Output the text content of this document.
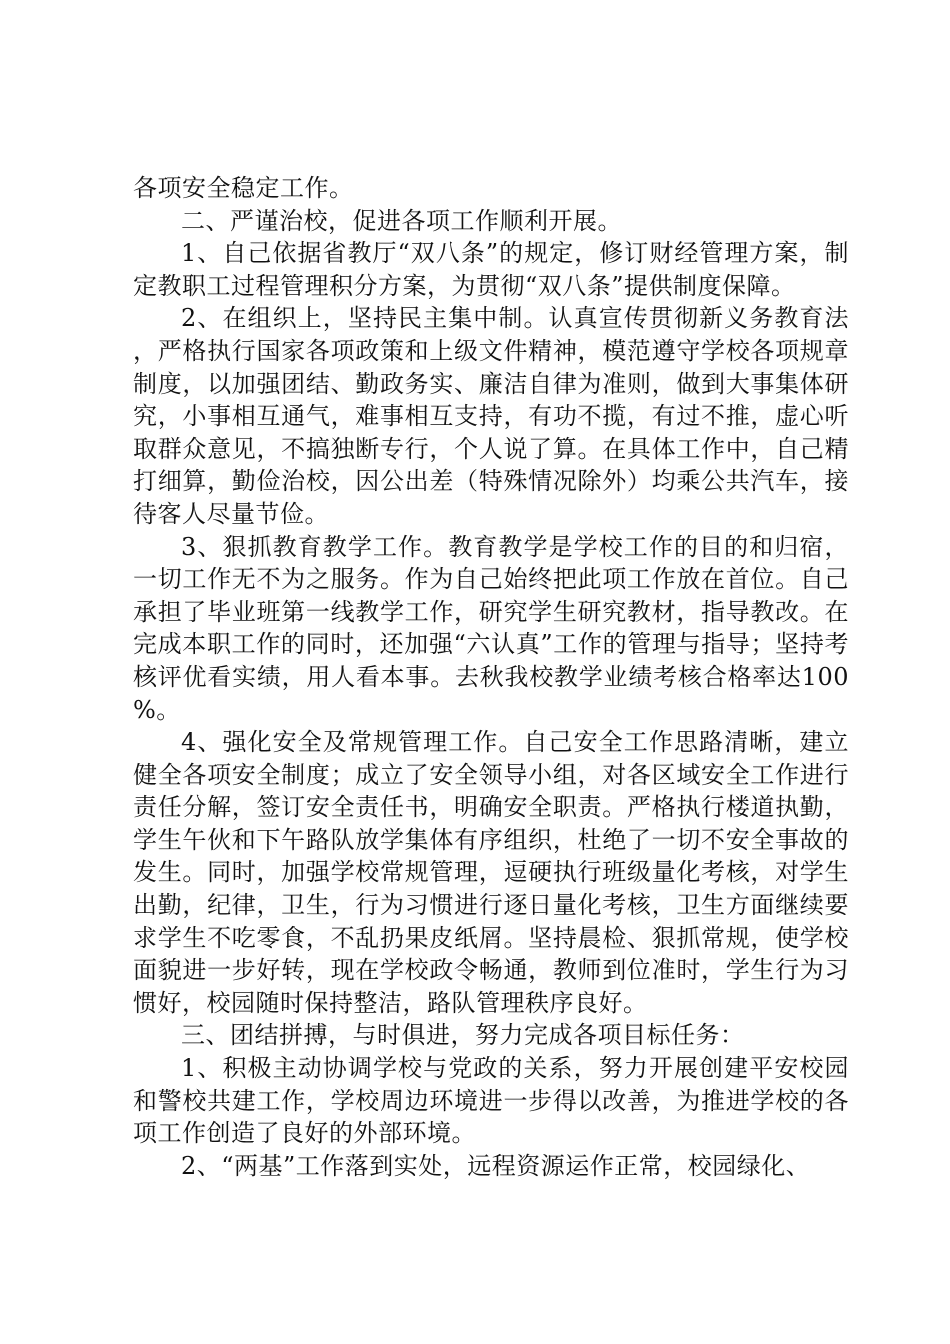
各项安全稳定工作。

二、严谨治校，促进各项工作顺利开展。

1、自己依据省教厅“双八条”的规定，修订财经管理方案，制定教职工过程管理积分方案，为贯彻“双八条”提供制度保障。

2、在组织上，坚持民主集中制。认真宣传贯彻新义务教育法，严格执行国家各项政策和上级文件精神，模范遵守学校各项规章制度，以加强团结、勤政务实、廉洁自律为准则，做到大事集体研究，小事相互通气，难事相互支持，有功不揽，有过不推，虚心听取群众意见，不搞独断专行，个人说了算。在具体工作中，自己精打细算，勤俭治校，因公出差（特殊情况除外）均乘公共汽车，接待客人尽量节俭。

3、狠抓教育教学工作。教育教学是学校工作的目的和归宿，一切工作无不为之服务。作为自己始终把此项工作放在首位。自己承担了毕业班第一线教学工作，研究学生研究教材，指导教改。在完成本职工作的同时，还加强“六认真”工作的管理与指导；坚持考核评优看实绩，用人看本事。去秋我校教学业绩考核合格率达100%。

4、强化安全及常规管理工作。自己安全工作思路清晰，建立健全各项安全制度；成立了安全领导小组，对各区域安全工作进行责任分解，签订安全责任书，明确安全职责。严格执行楼道执勤，学生午伙和下午路队放学集体有序组织，杜绝了一切不安全事故的发生。同时，加强学校常规管理，逗硬执行班级量化考核，对学生出勤，纪律，卫生，行为习惯进行逐日量化考核，卫生方面继续要求学生不吃零食，不乱扔果皮纸屑。坚持晨检、狠抓常规，使学校面貌进一步好转，现在学校政令畅通，教师到位准时，学生行为习惯好，校园随时保持整洁，路队管理秩序良好。

三、团结拼搏，与时俱进，努力完成各项目标任务：

1、积极主动协调学校与党政的关系，努力开展创建平安校园和警校共建工作，学校周边环境进一步得以改善，为推进学校的各项工作创造了良好的外部环境。

2、“两基”工作落到实处，远程资源运作正常，校园绿化、
